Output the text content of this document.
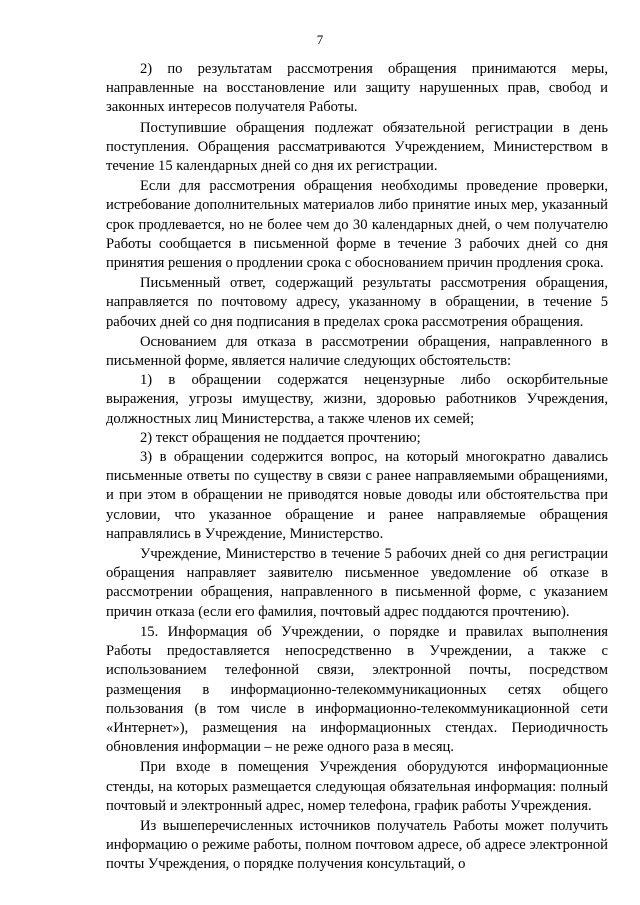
7

2) по результатам рассмотрения обращения принимаются меры, направленные на восстановление или защиту нарушенных прав, свобод и законных интересов получателя Работы.

Поступившие обращения подлежат обязательной регистрации в день поступления. Обращения рассматриваются Учреждением, Министерством в течение 15 календарных дней со дня их регистрации.

Если для рассмотрения обращения необходимы проведение проверки, истребование дополнительных материалов либо принятие иных мер, указанный срок продлевается, но не более чем до 30 календарных дней, о чем получателю Работы сообщается в письменной форме в течение 3 рабочих дней со дня принятия решения о продлении срока с обоснованием причин продления срока.

Письменный ответ, содержащий результаты рассмотрения обращения, направляется по почтовому адресу, указанному в обращении, в течение 5 рабочих дней со дня подписания в пределах срока рассмотрения обращения.

Основанием для отказа в рассмотрении обращения, направленного в письменной форме, является наличие следующих обстоятельств:

1) в обращении содержатся нецензурные либо оскорбительные выражения, угрозы имуществу, жизни, здоровью работников Учреждения, должностных лиц Министерства, а также членов их семей;

2) текст обращения не поддается прочтению;

3) в обращении содержится вопрос, на который многократно давались письменные ответы по существу в связи с ранее направляемыми обращениями, и при этом в обращении не приводятся новые доводы или обстоятельства при условии, что указанное обращение и ранее направляемые обращения направлялись в Учреждение, Министерство.

Учреждение, Министерство в течение 5 рабочих дней со дня регистрации обращения направляет заявителю письменное уведомление об отказе в рассмотрении обращения, направленного в письменной форме, с указанием причин отказа (если его фамилия, почтовый адрес поддаются прочтению).

15. Информация об Учреждении, о порядке и правилах выполнения Работы предоставляется непосредственно в Учреждении, а также с использованием телефонной связи, электронной почты, посредством размещения в информационно-телекоммуникационных сетях общего пользования (в том числе в информационно-телекоммуникационной сети «Интернет»), размещения на информационных стендах. Периодичность обновления информации – не реже одного раза в месяц.

При входе в помещения Учреждения оборудуются информационные стенды, на которых размещается следующая обязательная информация: полный почтовый и электронный адрес, номер телефона, график работы Учреждения.

Из вышеперечисленных источников получатель Работы может получить информацию о режиме работы, полном почтовом адресе, об адресе электронной почты Учреждения, о порядке получения консультаций, о
